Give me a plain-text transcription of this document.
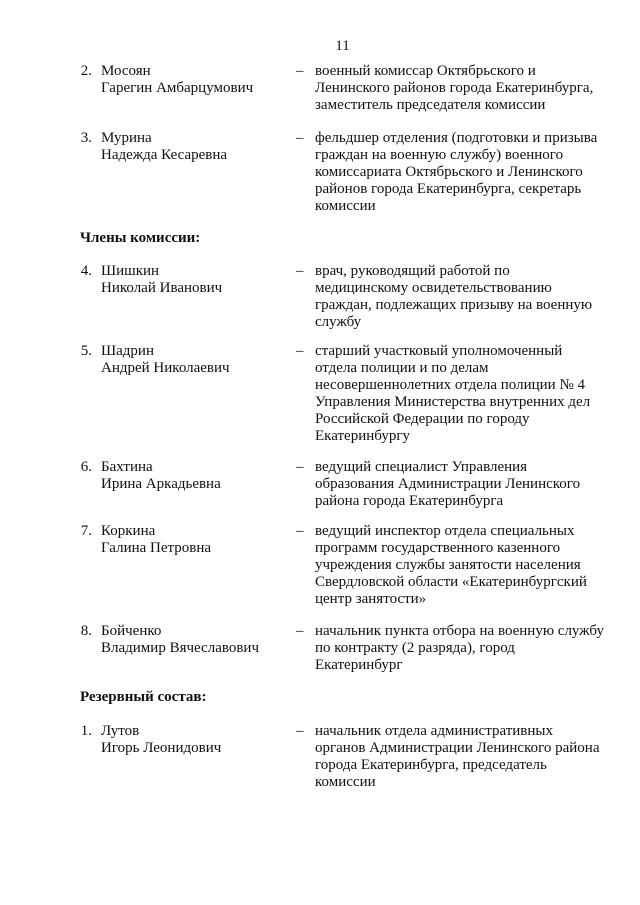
11
2. Мосоян
Гарегин Амбарцумович
– военный комиссар Октябрьского и
Ленинского районов города Екатеринбурга,
заместитель председателя комиссии
3. Мурина
Надежда Кесаревна
– фельдшер отделения (подготовки и призыва
граждан на военную службу) военного
комиссариата Октябрьского и Ленинского
районов города Екатеринбурга, секретарь
комиссии
Члены комиссии:
4. Шишкин
Николай Иванович
– врач, руководящий работой по
медицинскому освидетельствованию
граждан, подлежащих призыву на военную
службу
5. Шадрин
Андрей Николаевич
– старший участковый уполномоченный
отдела полиции и по делам
несовершеннолетних отдела полиции № 4
Управления Министерства внутренних дел
Российской Федерации по городу
Екатеринбургу
6. Бахтина
Ирина Аркадьевна
– ведущий специалист Управления
образования Администрации Ленинского
района города Екатеринбурга
7. Коркина
Галина Петровна
– ведущий инспектор отдела специальных
программ государственного казенного
учреждения службы занятости населения
Свердловской области «Екатеринбургский
центр занятости»
8. Бойченко
Владимир Вячеславович
– начальник пункта отбора на военную службу
по контракту (2 разряда), город
Екатеринбург
Резервный состав:
1. Лутов
Игорь Леонидович
– начальник отдела административных
органов Администрации Ленинского района
города Екатеринбурга, председатель
комиссии
